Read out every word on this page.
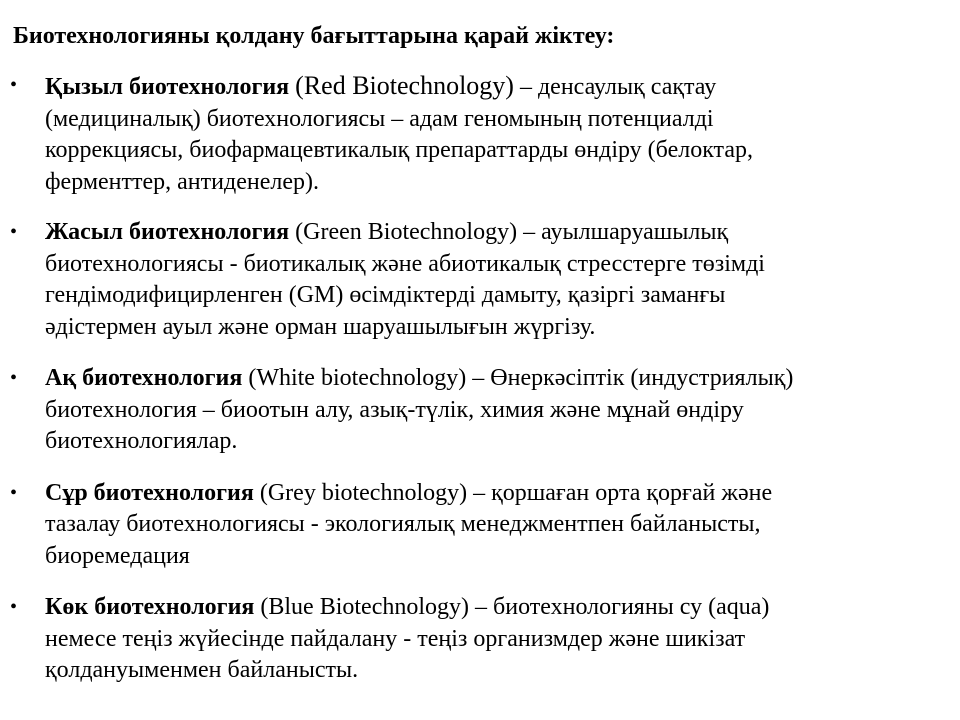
Биотехнологияны қолдану бағыттарына қарай жіктеу:
•	Қызыл биотехнология (Red Biotechnology) – денсаулық сақтау
(медициналық) биотехнологиясы – адам геномының потенциалді
коррекциясы, биофармацевтикалық препараттарды өндіру (белоктар,
ферменттер, антиденелер).
•	Жасыл биотехнология (Green Biotechnology) – ауылшаруашылық
биотехнологиясы - биотикалық және абиотикалық стресстерге төзімді
гендімодифицирленген (GM) өсімдіктерді дамыту, қазіргі заманғы
әдістермен ауыл және орман шаруашылығын жүргізу.
•	Ақ биотехнология (White biotechnology) – Өнеркәсіптік (индустриялық)
биотехнология – биоотын алу, азық-түлік, химия және мұнай өндіру
биотехнологиялар.
•	Сұр биотехнология (Grey biotechnology) – қоршаған орта қорғай және
тазалау биотехнологиясы - экологиялық менеджментпен байланысты,
биоремедация
•	Көк биотехнология (Blue Biotechnology) – биотехнологияны су (aqua)
немесе теңіз жүйесінде пайдалану - теңіз организмдер және шикізат
қолдануыменмен байланысты.
